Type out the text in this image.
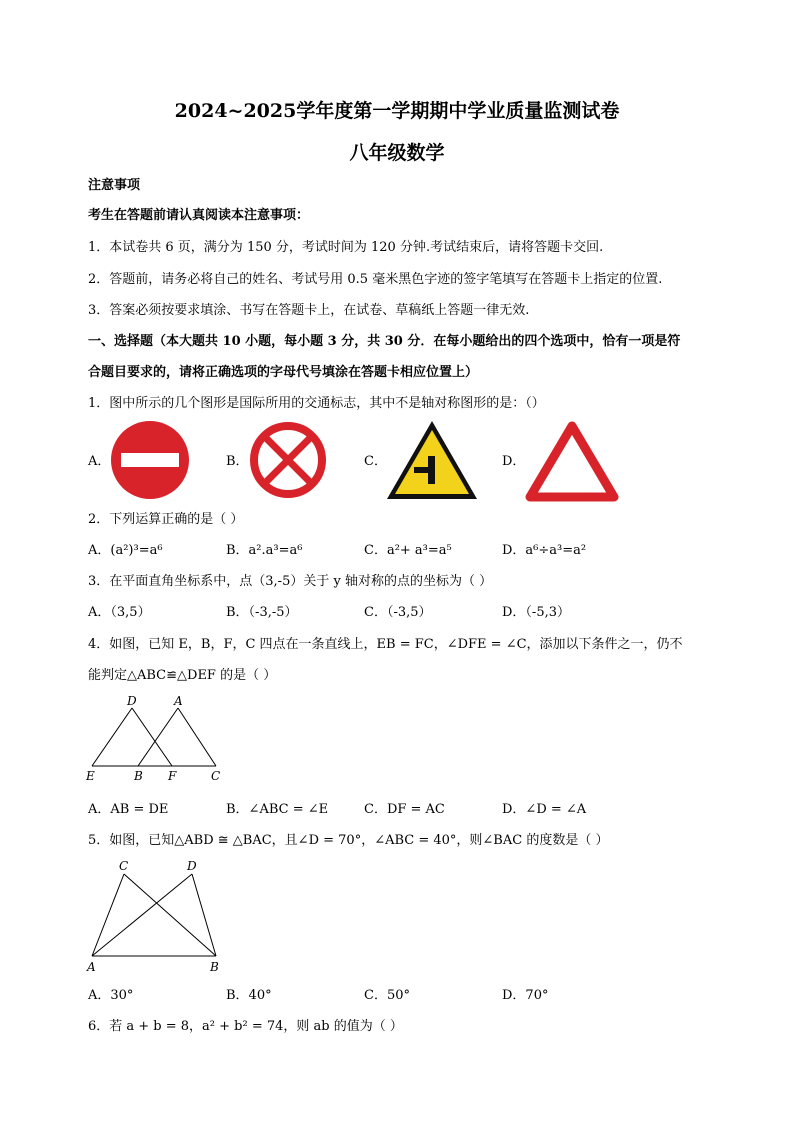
2024~2025学年度第一学期期中学业质量监测试卷
八年级数学
注意事项
考生在答题前请认真阅读本注意事项：
1．本试卷共 6 页，满分为 150 分，考试时间为 120 分钟.考试结束后，请将答题卡交回.
2．答题前，请务必将自己的姓名、考试号用 0.5 毫米黑色字迹的签字笔填写在答题卡上指定的位置.
3．答案必须按要求填涂、书写在答题卡上，在试卷、草稿纸上答题一律无效.
一、选择题（本大题共 10 小题，每小题 3 分，共 30 分．在每小题给出的四个选项中，恰有一项是符
合题目要求的，请将正确选项的字母代号填涂在答题卡相应位置上）
1．图中所示的几个图形是国际所用的交通标志，其中不是轴对称图形的是：（）
A．	B．	C．	D．
2．下列运算正确的是（ ）
A．(a²)³=a⁶	B．a².a³=a⁶	C．a²+ a³=a⁵	D．a⁶÷a³=a²
3．在平面直角坐标系中，点（3,-5）关于 y 轴对称的点的坐标为（ ）
A．（3,5）	B．（-3,-5）	C．（-3,5）	D．（-5,3）
4．如图，已知 E，B，F，C 四点在一条直线上，EB = FC，∠DFE = ∠C，添加以下条件之一，仍不
能判定△ABC≌△DEF 的是（ ）
D	A
E	B F	C
A．AB = DE	B．∠ABC = ∠E	C．DF = AC	D．∠D = ∠A
5．如图，已知△ABD ≅ △BAC，且∠D = 70°，∠ABC = 40°，则∠BAC 的度数是（ ）
C	D
A	B
A．30°	B．40°	C．50°	D．70°
6．若 a + b = 8，a² + b² = 74，则 ab 的值为（ ）
